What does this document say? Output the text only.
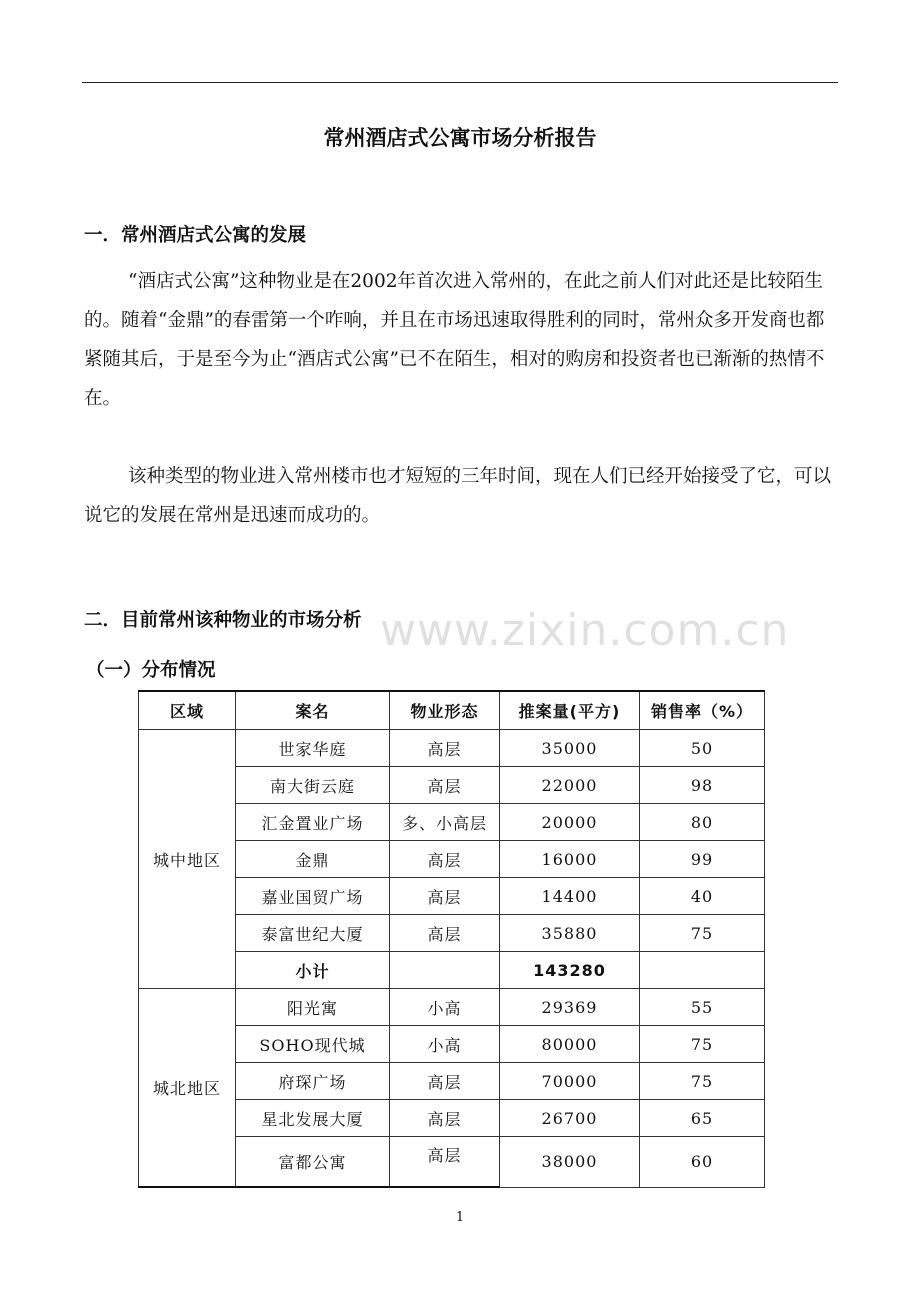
常州酒店式公寓市场分析报告
一．常州酒店式公寓的发展

“酒店式公寓”这种物业是在2002年首次进入常州的，在此之前人们对此还是比较陌生的。随着“金鼎”的春雷第一个咋响，并且在市场迅速取得胜利的同时，常州众多开发商也都紧随其后，于是至今为止“酒店式公寓”已不在陌生，相对的购房和投资者也已渐渐的热情不在。

该种类型的物业进入常州楼市也才短短的三年时间，现在人们已经开始接受了它，可以说它的发展在常州是迅速而成功的。

二．目前常州该种物业的市场分析
（一）分布情况
www.zixin.com.cn
区域	案名	物业形态	推案量(平方)	销售率（%）
城中地区	世家华庭	高层	35000	50
	南大街云庭	高层	22000	98
	汇金置业广场	多、小高层	20000	80
	金鼎	高层	16000	99
	嘉业国贸广场	高层	14400	40
	泰富世纪大厦	高层	35880	75
	小计		143280	
城北地区	阳光寓	小高	29369	55
	SOHO现代城	小高	80000	75
	府琛广场	高层	70000	75
	星北发展大厦	高层	26700	65
	富都公寓	高层	38000	60
1
